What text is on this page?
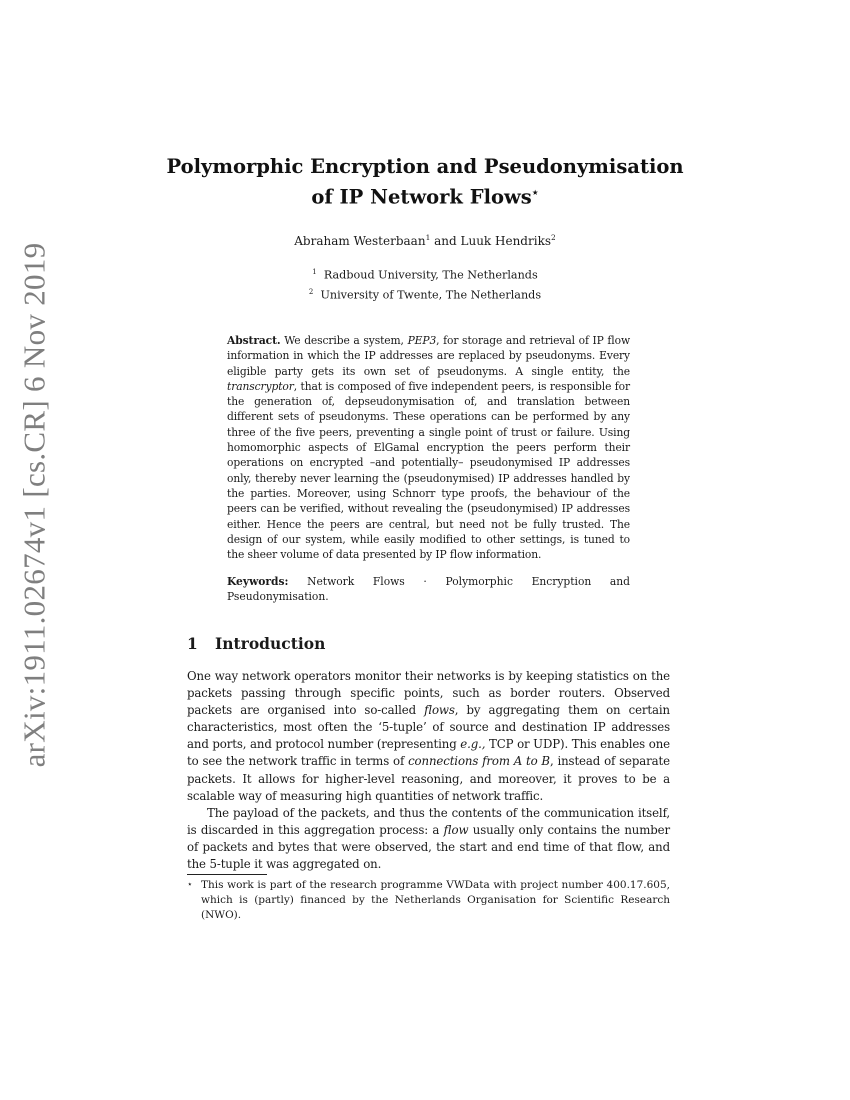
arXiv:1911.02674v1 [cs.CR] 6 Nov 2019
Polymorphic Encryption and Pseudonymisation
of IP Network Flows⋆
Abraham Westerbaan$^1$ and Luuk Hendriks$^2$
$^1$ Radboud University, The Netherlands
$^2$ University of Twente, The Netherlands
Abstract. We describe a system, PEP3, for storage and retrieval of IP flow information in which the IP addresses are replaced by pseudonyms. Every eligible party gets its own set of pseudonyms. A single entity, the transcryptor, that is composed of five independent peers, is responsible for the generation of, depseudonymisation of, and translation between different sets of pseudonyms. These operations can be performed by any three of the five peers, preventing a single point of trust or failure. Using homomorphic aspects of ElGamal encryption the peers perform their operations on encrypted –and potentially– pseudonymised IP addresses only, thereby never learning the (pseudonymised) IP addresses handled by the parties. Moreover, using Schnorr type proofs, the behaviour of the peers can be verified, without revealing the (pseudonymised) IP addresses either. Hence the peers are central, but need not be fully trusted. The design of our system, while easily modified to other settings, is tuned to the sheer volume of data presented by IP flow information.
Keywords: Network Flows · Polymorphic Encryption and Pseudonymisation.
1 Introduction

One way network operators monitor their networks is by keeping statistics on the packets passing through specific points, such as border routers. Observed packets are organised into so-called flows, by aggregating them on certain characteristics, most often the ‘5-tuple’ of source and destination IP addresses and ports, and protocol number (representing e.g., TCP or UDP). This enables one to see the network traffic in terms of connections from A to B, instead of separate packets. It allows for higher-level reasoning, and moreover, it proves to be a scalable way of measuring high quantities of network traffic.

The payload of the packets, and thus the contents of the communication itself, is discarded in this aggregation process: a flow usually only contains the number of packets and bytes that were observed, the start and end time of that flow, and the 5-tuple it was aggregated on.

⋆ This work is part of the research programme VWData with project number 400.17.605, which is (partly) financed by the Netherlands Organisation for Scientific Research (NWO).
